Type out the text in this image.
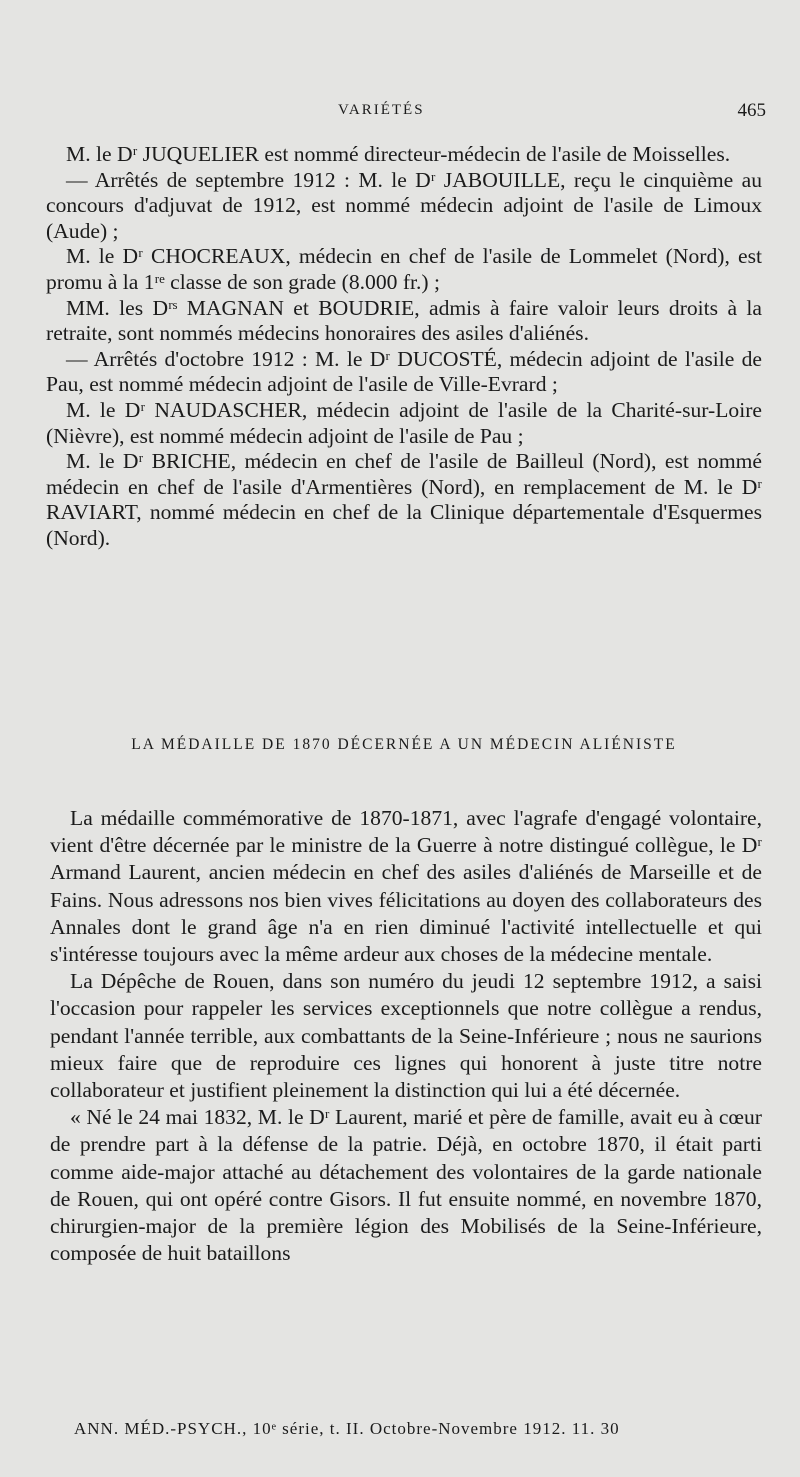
VARIÉTÉS	465

M. le Dʳ JUQUELIER est nommé directeur-médecin de l'asile de Moisselles.

— Arrêtés de septembre 1912 : M. le Dʳ JABOUILLE, reçu le cinquième au concours d'adjuvat de 1912, est nommé médecin adjoint de l'asile de Limoux (Aude) ;

M. le Dʳ CHOCREAUX, médecin en chef de l'asile de Lommelet (Nord), est promu à la 1ʳᵉ classe de son grade (8.000 fr.) ;

MM. les Dʳˢ MAGNAN et BOUDRIE, admis à faire valoir leurs droits à la retraite, sont nommés médecins honoraires des asiles d'aliénés.

— Arrêtés d'octobre 1912 : M. le Dʳ DUCOSTÉ, médecin adjoint de l'asile de Pau, est nommé médecin adjoint de l'asile de Ville-Evrard ;

M. le Dʳ NAUDASCHER, médecin adjoint de l'asile de la Charité-sur-Loire (Nièvre), est nommé médecin adjoint de l'asile de Pau ;

M. le Dʳ BRICHE, médecin en chef de l'asile de Bailleul (Nord), est nommé médecin en chef de l'asile d'Armentières (Nord), en remplacement de M. le Dʳ RAVIART, nommé médecin en chef de la Clinique départementale d'Esquermes (Nord).

LA MÉDAILLE DE 1870 DÉCERNÉE A UN MÉDECIN ALIÉNISTE

La médaille commémorative de 1870-1871, avec l'agrafe d'engagé volontaire, vient d'être décernée par le ministre de la Guerre à notre distingué collègue, le Dʳ Armand Laurent, ancien médecin en chef des asiles d'aliénés de Marseille et de Fains. Nous adressons nos bien vives félicitations au doyen des collaborateurs des Annales dont le grand âge n'a en rien diminué l'activité intellectuelle et qui s'intéresse toujours avec la même ardeur aux choses de la médecine mentale.

La Dépêche de Rouen, dans son numéro du jeudi 12 septembre 1912, a saisi l'occasion pour rappeler les services exceptionnels que notre collègue a rendus, pendant l'année terrible, aux combattants de la Seine-Inférieure ; nous ne saurions mieux faire que de reproduire ces lignes qui honorent à juste titre notre collaborateur et justifient pleinement la distinction qui lui a été décernée.

« Né le 24 mai 1832, M. le Dʳ Laurent, marié et père de famille, avait eu à cœur de prendre part à la défense de la patrie. Déjà, en octobre 1870, il était parti comme aide-major attaché au détachement des volontaires de la garde nationale de Rouen, qui ont opéré contre Gisors. Il fut ensuite nommé, en novembre 1870, chirurgien-major de la première légion des Mobilisés de la Seine-Inférieure, composée de huit bataillons

ANN. MÉD.-PSYCH., 10ᵉ série, t. II. Octobre-Novembre 1912. 11. 30
